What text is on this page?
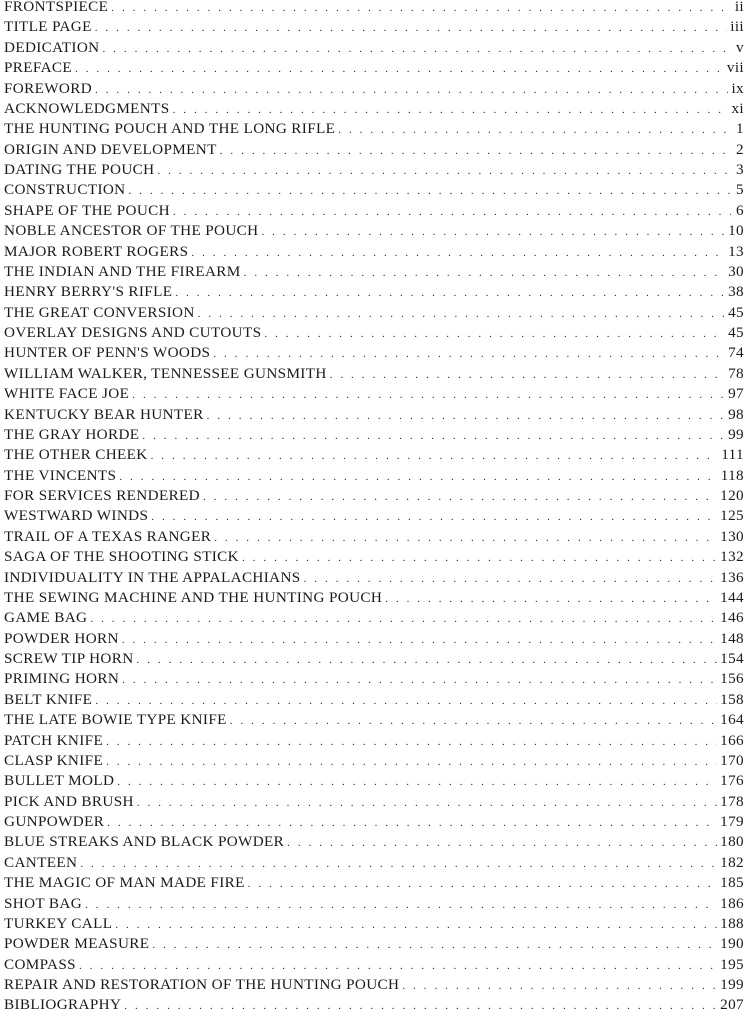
FRONTSPIECE . . .	ii
TITLE PAGE . . .	iii
DEDICATION . . .	v
PREFACE . . .	vii
FOREWORD . . .	ix
ACKNOWLEDGMENTS . . .	xi
THE HUNTING POUCH AND THE LONG RIFLE . . .	1
ORIGIN AND DEVELOPMENT . . .	2
DATING THE POUCH . . .	3
CONSTRUCTION . . .	5
SHAPE OF THE POUCH . . .	6
NOBLE ANCESTOR OF THE POUCH . . .	10
MAJOR ROBERT ROGERS . . .	13
THE INDIAN AND THE FIREARM . . .	30
HENRY BERRY'S RIFLE . . .	38
THE GREAT CONVERSION . . .	45
OVERLAY DESIGNS AND CUTOUTS . . .	45
HUNTER OF PENN'S WOODS . . .	74
WILLIAM WALKER, TENNESSEE GUNSMITH . . .	78
WHITE FACE JOE . . .	97
KENTUCKY BEAR HUNTER . . .	98
THE GRAY HORDE . . .	99
THE OTHER CHEEK . . .	111
THE VINCENTS . . .	118
FOR SERVICES RENDERED . . .	120
WESTWARD WINDS . . .	125
TRAIL OF A TEXAS RANGER . . .	130
SAGA OF THE SHOOTING STICK . . .	132
INDIVIDUALITY IN THE APPALACHIANS . . .	136
THE SEWING MACHINE AND THE HUNTING POUCH . . .	144
GAME BAG . . .	146
POWDER HORN . . .	148
SCREW TIP HORN . . .	154
PRIMING HORN . . .	156
BELT KNIFE . . .	158
THE LATE BOWIE TYPE KNIFE . . .	164
PATCH KNIFE . . .	166
CLASP KNIFE . . .	170
BULLET MOLD . . .	176
PICK AND BRUSH . . .	178
GUNPOWDER . . .	179
BLUE STREAKS AND BLACK POWDER . . .	180
CANTEEN . . .	182
THE MAGIC OF MAN MADE FIRE . . .	185
SHOT BAG . . .	186
TURKEY CALL . . .	188
POWDER MEASURE . . .	190
COMPASS . . .	195
REPAIR AND RESTORATION OF THE HUNTING POUCH . . .	199
BIBLIOGRAPHY . . .	207
